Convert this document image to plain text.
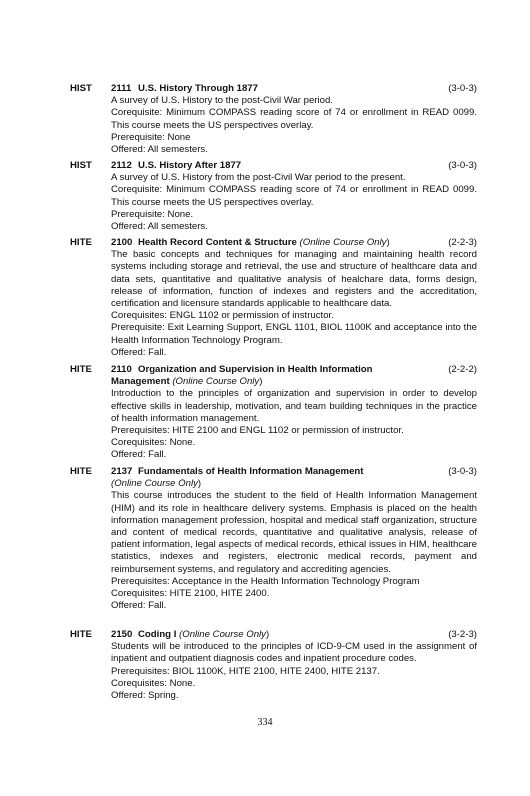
HIST 2111 U.S. History Through 1877	(3-0-3)
A survey of U.S. History to the post-Civil War period.
Corequisite: Minimum COMPASS reading score of 74 or enrollment in READ 0099. This course meets the US perspectives overlay.
Prerequisite: None
Offered: All semesters.
HIST 2112 U.S. History After 1877	(3-0-3)
A survey of U.S. History from the post-Civil War period to the present.
Corequisite: Minimum COMPASS reading score of 74 or enrollment in READ 0099. This course meets the US perspectives overlay.
Prerequisite: None.
Offered: All semesters.
HITE 2100 Health Record Content & Structure (Online Course Only)	(2-2-3)
The basic concepts and techniques for managing and maintaining health record systems including storage and retrieval, the use and structure of healthcare data and data sets, quantitative and qualitative analysis of healchare data, forms design, release of information, function of indexes and registers and the accreditation, certification and licensure standards applicable to healthcare data.
Corequisites: ENGL 1102 or permission of instructor.
Prerequisite: Exit Learning Support, ENGL 1101, BIOL 1100K and acceptance into the Health Information Technology Program.
Offered: Fall.
HITE 2110 Organization and Supervision in Health Information	(2-2-2)
Management (Online Course Only)
Introduction to the principles of organization and supervision in order to develop effective skills in leadership, motivation, and team building techniques in the practice of health information management.
Prerequisites: HITE 2100 and ENGL 1102 or permission of instructor.
Corequisites: None.
Offered: Fall.
HITE 2137 Fundamentals of Health Information Management	(3-0-3)
(Online Course Only)
This course introduces the student to the field of Health Information Management (HIM) and its role in healthcare delivery systems. Emphasis is placed on the health information management profession, hospital and medical staff organization, structure and content of medical records, quantitative and qualitative analysis, release of patient information, legal aspects of medical records, ethical issues in HIM, healthcare statistics, indexes and registers, electronic medical records, payment and reimbursement systems, and regulatory and accrediting agencies.
Prerequisites: Acceptance in the Health Information Technology Program
Corequisites: HITE 2100, HITE 2400.
Offered: Fall.
HITE 2150 Coding I (Online Course Only)	(3-2-3)
Students will be introduced to the principles of ICD-9-CM used in the assignment of inpatient and outpatient diagnosis codes and inpatient procedure codes.
Prerequisites: BIOL 1100K, HITE 2100, HITE 2400, HITE 2137.
Corequisites: None.
Offered: Spring.
334
